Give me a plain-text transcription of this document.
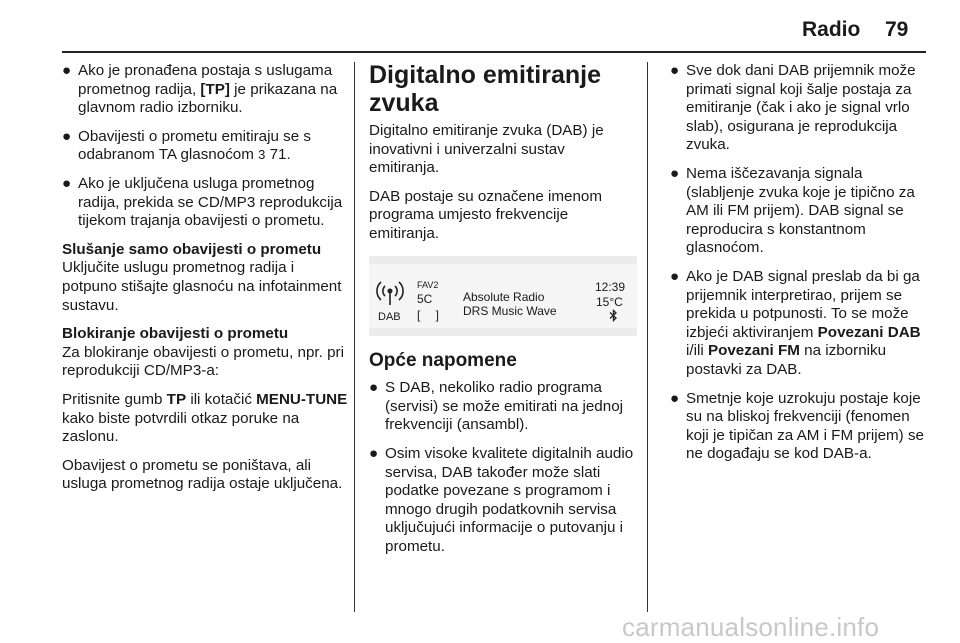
Radio 79
● Ako je pronađena postaja s uslugama prometnog radija, [TP] je prikazana na glavnom radio izborniku.
● Obavijesti o prometu emitiraju se s odabranom TA glasnoćom 3 71.
● Ako je uključena usluga prometnog radija, prekida se CD/MP3 reprodukcija tijekom trajanja obavijesti o prometu.

Slušanje samo obavijesti o prometu

Uključite uslugu prometnog radija i potpuno stišajte glasnoću na infotainment sustavu.

Blokiranje obavijesti o prometu

Za blokiranje obavijesti o prometu, npr. pri reprodukciji CD/MP3-a:

Pritisnite gumb TP ili kotačić MENU-TUNE kako biste potvrdili otkaz poruke na zaslonu.

Obavijest o prometu se poništava, ali usluga prometnog radija ostaje uključena.

Digitalno emitiranje zvuka

Digitalno emitiranje zvuka (DAB) je inovativni i univerzalni sustav emitiranja.

DAB postaje su označene imenom programa umjesto frekvencije emitiranja.

DAB
FAV2
5C
[ ]
Absolute Radio
DRS Music Wave
12:39
15°C
Opće napomene
● S DAB, nekoliko radio programa (servisi) se može emitirati na jednoj frekvenciji (ansambl).
● Osim visoke kvalitete digitalnih audio servisa, DAB također može slati podatke povezane s programom i mnogo drugih podatkovnih servisa uključujući informacije o putovanju i prometu.
● Sve dok dani DAB prijemnik može primati signal koji šalje postaja za emitiranje (čak i ako je signal vrlo slab), osigurana je reprodukcija zvuka.
● Nema iščezavanja signala (slabljenje zvuka koje je tipično za AM ili FM prijem). DAB signal se reproducira s konstantnom glasnoćom.
● Ako je DAB signal preslab da bi ga prijemnik interpretirao, prijem se prekida u potpunosti. To se može izbjeći aktiviranjem Povezani DAB i/ili Povezani FM na izborniku postavki za DAB.
● Smetnje koje uzrokuju postaje koje su na bliskoj frekvenciji (fenomen koji je tipičan za AM i FM prijem) se ne događaju se kod DAB-a.
carmanualsonline.info
